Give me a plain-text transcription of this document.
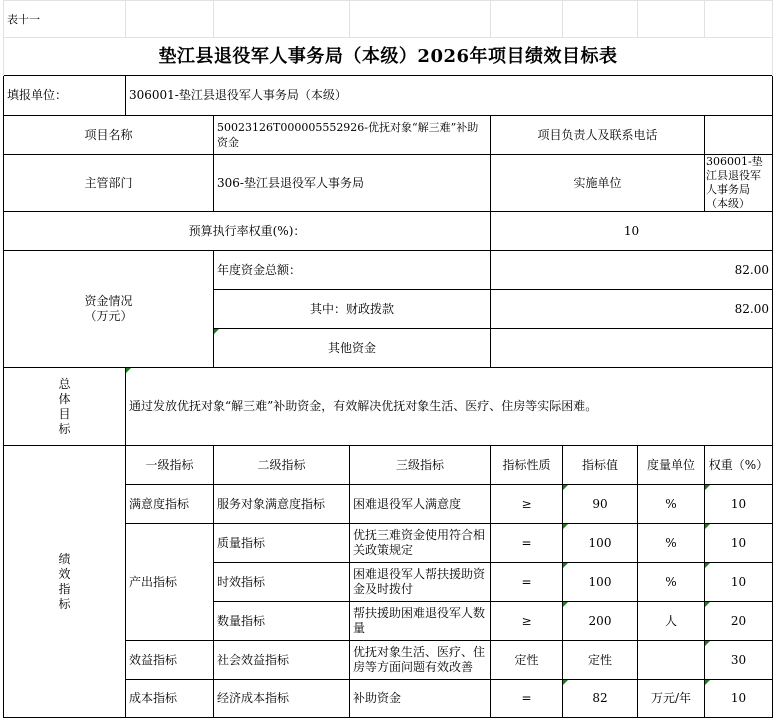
表十一							
垫江县退役军人事务局（本级）2026年项目绩效目标表							
填报单位：	306001-垫江县退役军人事务局（本级）						
项目名称		50023126T000005552926-优抚对象“解三难”补助资金		项目负责人及联系电话			
主管部门		306-垫江县退役军人事务局		实施单位			306001-垫江县退役军人事务局（本级）
预算执行率权重(%)：				10			

资金情况
（万元）		年度资金总额：		82.00			
		其中：财政拨款		82.00			
		其他资金					

总
体
目
标	通过发放优抚对象“解三难”补助资金，有效解决优抚对象生活、医疗、住房等实际困难。						

绩
效
指
标	一级指标	二级指标	三级指标	指标性质	指标值	度量单位	权重（%）
	满意度指标	服务对象满意度指标	困难退役军人满意度	≥	90	%	10
	产出指标	质量指标	优抚三难资金使用符合相关政策规定	=	100	%	10
		时效指标	困难退役军人帮扶援助资金及时拨付	=	100	%	10
		数量指标	帮扶援助困难退役军人数量	≥	200	人	20
	效益指标	社会效益指标	优抚对象生活、医疗、住房等方面问题有效改善	定性	定性		30
	成本指标	经济成本指标	补助资金	=	82	万元/年	10
